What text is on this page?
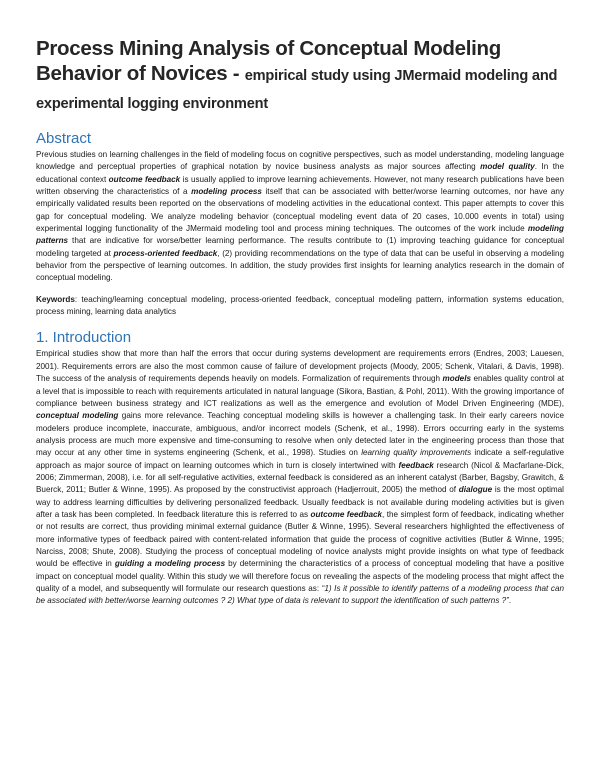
Process Mining Analysis of Conceptual Modeling Behavior of Novices - empirical study using JMermaid modeling and experimental logging environment
Abstract

Previous studies on learning challenges in the field of modeling focus on cognitive perspectives, such as model understanding, modeling language knowledge and perceptual properties of graphical notation by novice business analysts as major sources affecting model quality. In the educational context outcome feedback is usually applied to improve learning achievements. However, not many research publications have been written observing the characteristics of a modeling process itself that can be associated with better/worse learning outcomes, nor have any empirically validated results been reported on the observations of modeling activities in the educational context. This paper attempts to cover this gap for conceptual modeling. We analyze modeling behavior (conceptual modeling event data of 20 cases, 10.000 events in total) using experimental logging functionality of the JMermaid modeling tool and process mining techniques. The outcomes of the work include modeling patterns that are indicative for worse/better learning performance. The results contribute to (1) improving teaching guidance for conceptual modeling targeted at process-oriented feedback, (2) providing recommendations on the type of data that can be useful in observing a modeling behavior from the perspective of learning outcomes. In addition, the study provides first insights for learning analytics research in the domain of conceptual modeling.

Keywords: teaching/learning conceptual modeling, process-oriented feedback, conceptual modeling pattern, information systems education, process mining, learning data analytics

1. Introduction

Empirical studies show that more than half the errors that occur during systems development are requirements errors (Endres, 2003; Lauesen, 2001). Requirements errors are also the most common cause of failure of development projects (Moody, 2005; Schenk, Vitalari, & Davis, 1998). The success of the analysis of requirements depends heavily on models. Formalization of requirements through models enables quality control at a level that is impossible to reach with requirements articulated in natural language (Sikora, Bastian, & Pohl, 2011). With the growing importance of compliance between business strategy and ICT realizations as well as the emergence and evolution of Model Driven Engineering (MDE), conceptual modeling gains more relevance. Teaching conceptual modeling skills is however a challenging task. In their early careers novice modelers produce incomplete, inaccurate, ambiguous, and/or incorrect models (Schenk, et al., 1998). Errors occurring early in the systems analysis process are much more expensive and time-consuming to resolve when only detected later in the engineering process than those that may occur at any other time in systems engineering (Schenk, et al., 1998). Studies on learning quality improvements indicate a self-regulative approach as major source of impact on learning outcomes which in turn is closely intertwined with feedback research (Nicol & Macfarlane-Dick, 2006; Zimmerman, 2008), i.e. for all self-regulative activities, external feedback is considered as an inherent catalyst (Barber, Bagsby, Grawitch, & Buerck, 2011; Butler & Winne, 1995). As proposed by the constructivist approach (Hadjerrouit, 2005) the method of dialogue is the most optimal way to address learning difficulties by delivering personalized feedback. Usually feedback is not available during modeling activities but is given after a task has been completed. In feedback literature this is referred to as outcome feedback, the simplest form of feedback, indicating whether or not results are correct, thus providing minimal external guidance (Butler & Winne, 1995). Several researchers highlighted the effectiveness of more informative types of feedback paired with content-related information that guide the process of cognitive activities (Butler & Winne, 1995; Narciss, 2008; Shute, 2008). Studying the process of conceptual modeling of novice analysts might provide insights on what type of feedback would be effective in guiding a modeling process by determining the characteristics of a process of conceptual modeling that have a positive impact on conceptual model quality. Within this study we will therefore focus on revealing the aspects of the modeling process that might affect the quality of a model, and subsequently will formulate our research questions as: “1) Is it possible to identify patterns of a modeling process that can be associated with better/worse learning outcomes ? 2) What type of data is relevant to support the identification of such patterns ?”.
